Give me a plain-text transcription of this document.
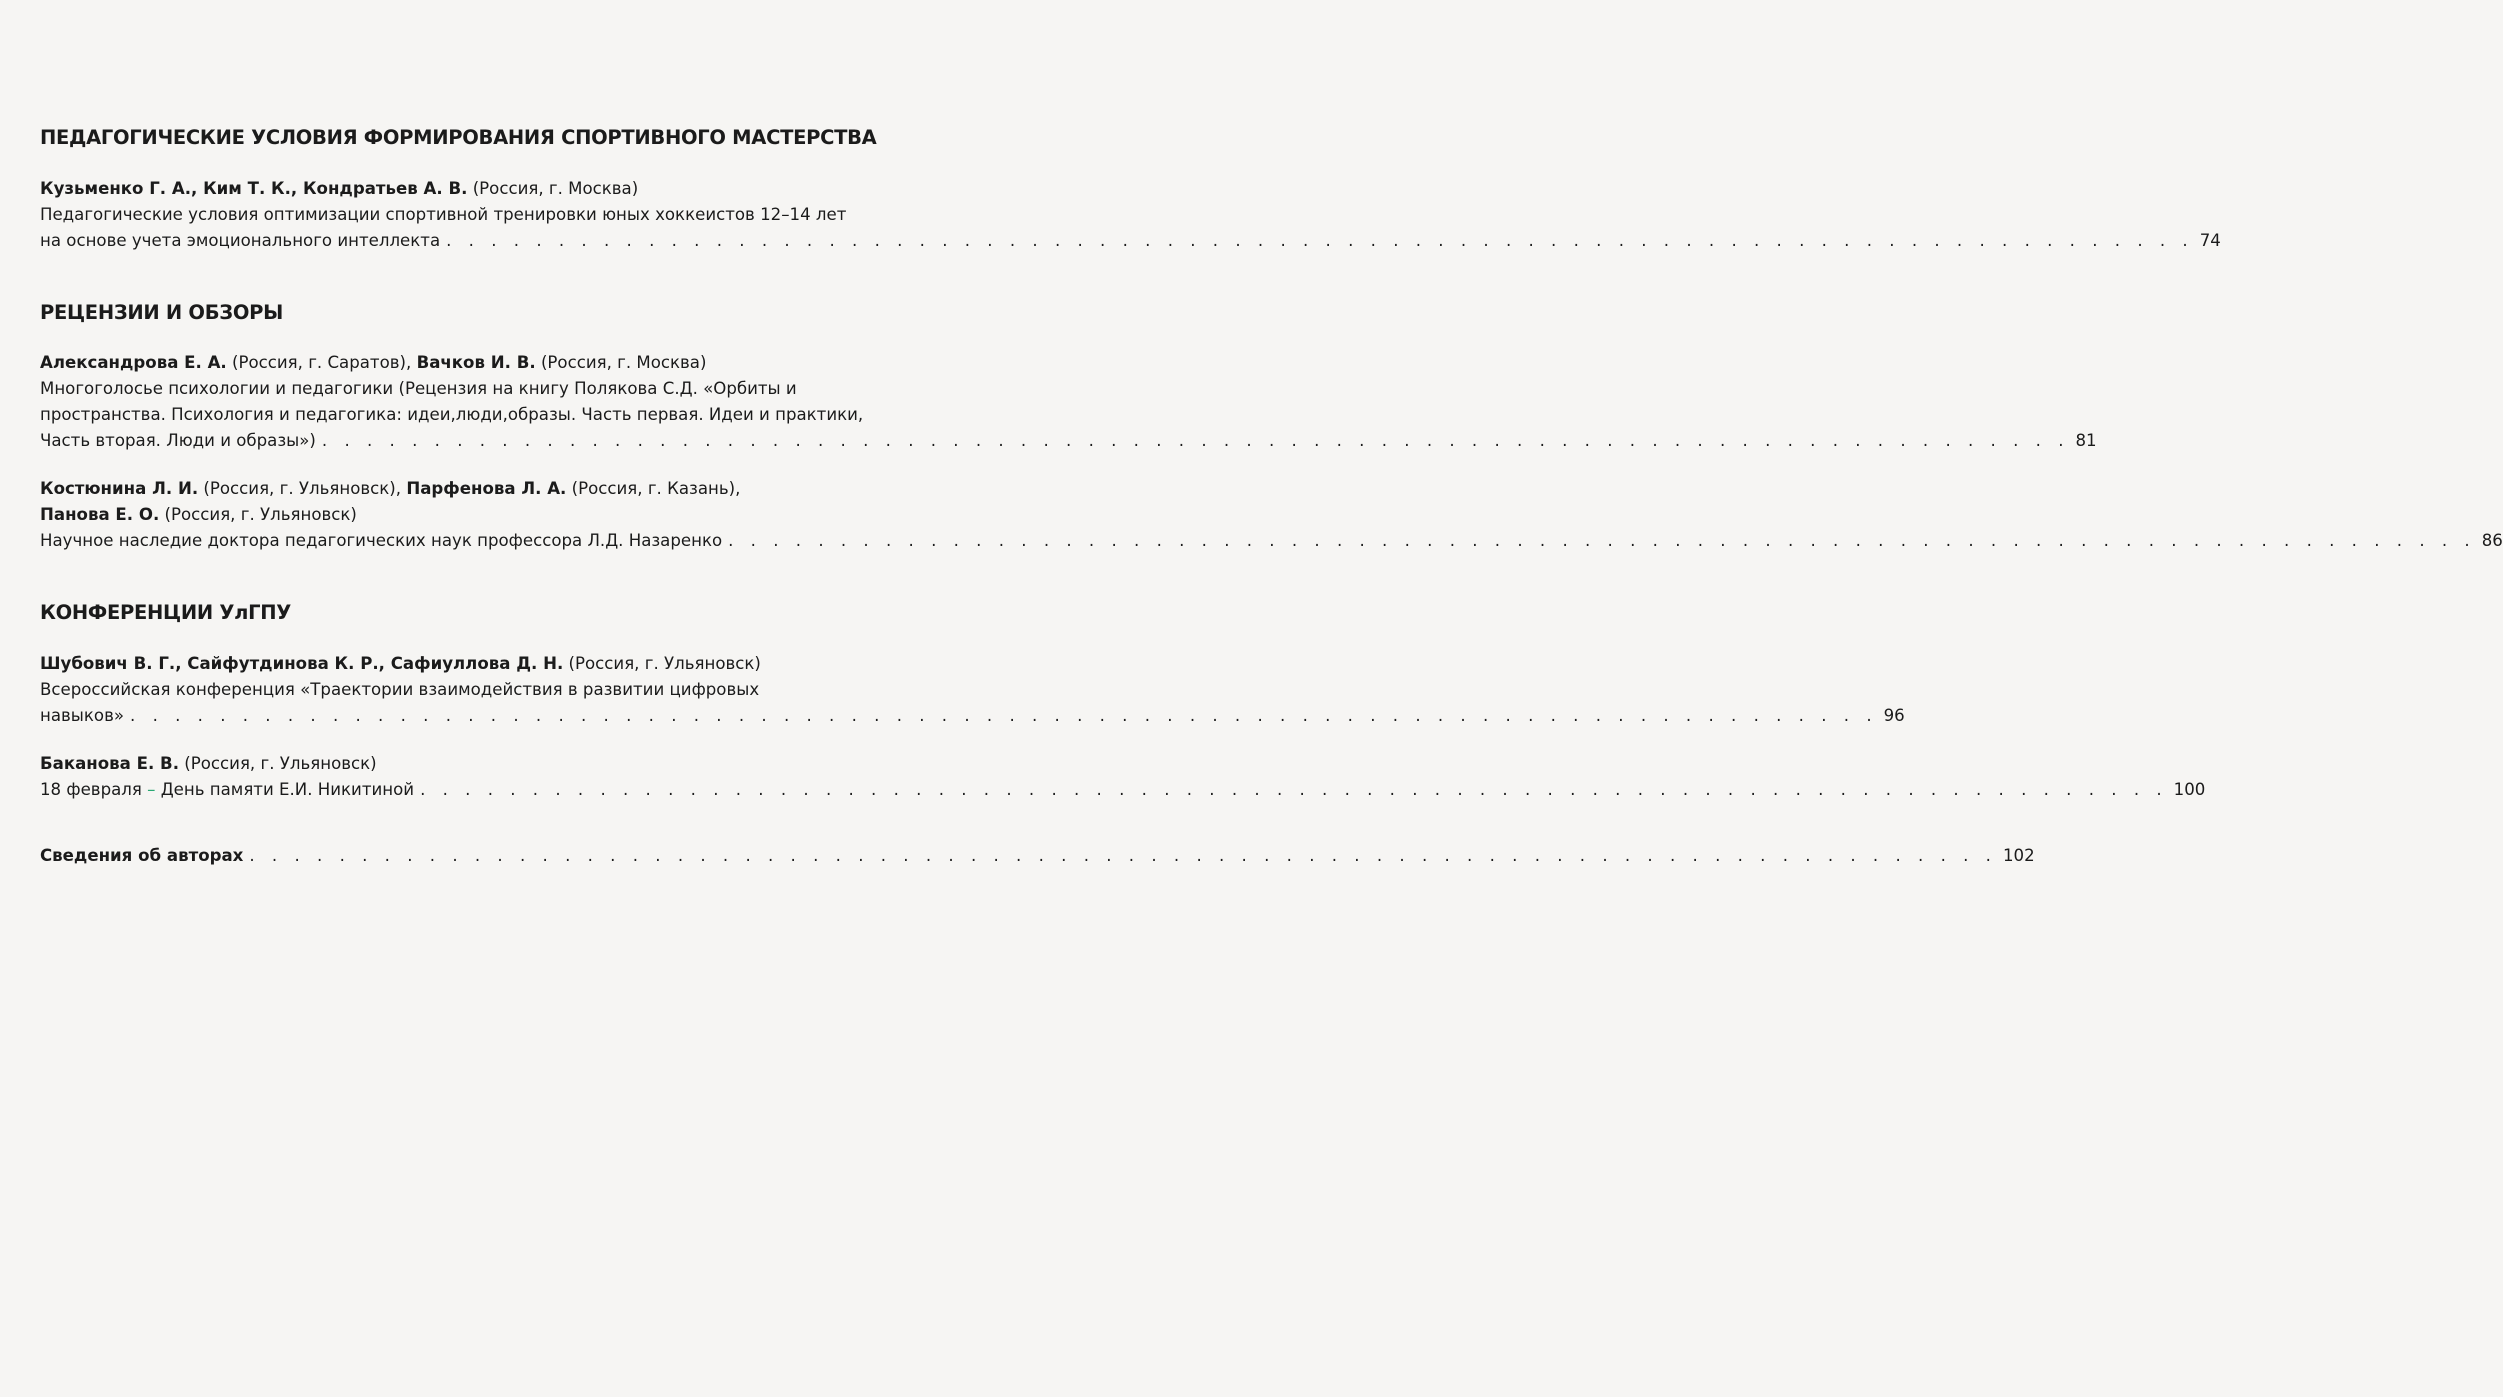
ПЕДАГОГИЧЕСКИЕ УСЛОВИЯ ФОРМИРОВАНИЯ СПОРТИВНОГО МАСТЕРСТВА
Кузьменко Г. А., Ким Т. К., Кондратьев А. В. (Россия, г. Москва)
Педагогические условия оптимизации спортивной тренировки юных хоккеистов 12–14 лет
на основе учета эмоционального интеллекта . . . . . . . . . . . . . . . . . . . . . . . . . . . . . . . . . . . . . . . . . . . . . . . . . . . . . . . . . . . . . . . . . . . . . . . . . . . . . . 74
РЕЦЕНЗИИ И ОБЗОРЫ
Александрова Е. А. (Россия, г. Саратов), Вачков И. В. (Россия, г. Москва)
Многоголосье психологии и педагогики (Рецензия на книгу Полякова С.Д. «Орбиты и
пространства. Психология и педагогика: идеи,люди,образы. Часть первая. Идеи и практики,
Часть вторая. Люди и образы») . . . . . . . . . . . . . . . . . . . . . . . . . . . . . . . . . . . . . . . . . . . . . . . . . . . . . . . . . . . . . . . . . . . . . . . . . . . . . . 81
Костюнина Л. И. (Россия, г. Ульяновск), Парфенова Л. А. (Россия, г. Казань),
Панова Е. О. (Россия, г. Ульяновск)
Научное наследие доктора педагогических наук профессора Л.Д. Назаренко . . . . . . . . . . . . . . . . . . . . . . . . . . . . . . . . . . . . . . . . . . . . . . . . . . . . . . . . . . . . . . . . . . . . . . . . . . . . . . 86
КОНФЕРЕНЦИИ УлГПУ
Шубович В. Г., Сайфутдинова К. Р., Сафиуллова Д. Н. (Россия, г. Ульяновск)
Всероссийская конференция «Траектории взаимодействия в развитии цифровых
навыков» . . . . . . . . . . . . . . . . . . . . . . . . . . . . . . . . . . . . . . . . . . . . . . . . . . . . . . . . . . . . . . . . . . . . . . . . . . . . . . 96
Баканова Е. В. (Россия, г. Ульяновск)
18 февраля – День памяти Е.И. Никитиной . . . . . . . . . . . . . . . . . . . . . . . . . . . . . . . . . . . . . . . . . . . . . . . . . . . . . . . . . . . . . . . . . . . . . . . . . . . . . . 100
Сведения об авторах . . . . . . . . . . . . . . . . . . . . . . . . . . . . . . . . . . . . . . . . . . . . . . . . . . . . . . . . . . . . . . . . . . . . . . . . . . . . . . 102
